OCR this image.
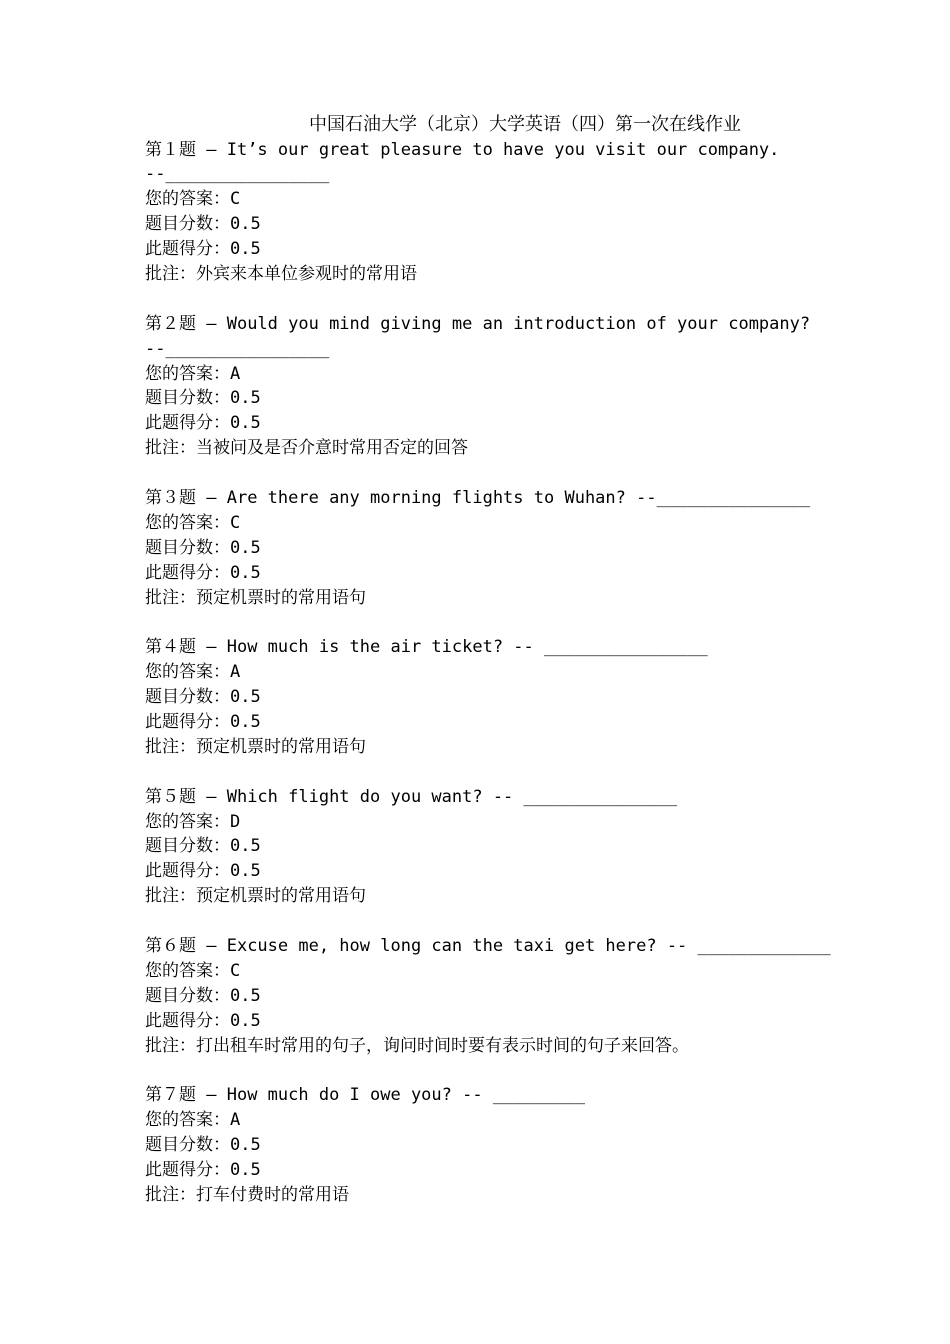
中国石油大学（北京）大学英语（四）第一次在线作业
第１题 – It’s our great pleasure to have you visit our company.
--________________
您的答案：C
题目分数：0.5
此题得分：0.5
批注：外宾来本单位参观时的常用语
第２题 – Would you mind giving me an introduction of your company?
--________________
您的答案：A
题目分数：0.5
此题得分：0.5
批注：当被问及是否介意时常用否定的回答
第３题 – Are there any morning flights to Wuhan? --_______________
您的答案：C
题目分数：0.5
此题得分：0.5
批注：预定机票时的常用语句
第４题 – How much is the air ticket? -- ________________
您的答案：A
题目分数：0.5
此题得分：0.5
批注：预定机票时的常用语句
第５题 – Which flight do you want? -- _______________
您的答案：D
题目分数：0.5
此题得分：0.5
批注：预定机票时的常用语句
第６题 – Excuse me, how long can the taxi get here? -- _____________
您的答案：C
题目分数：0.5
此题得分：0.5
批注：打出租车时常用的句子，询问时间时要有表示时间的句子来回答。
第７题 – How much do I owe you? -- _________
您的答案：A
题目分数：0.5
此题得分：0.5
批注：打车付费时的常用语
